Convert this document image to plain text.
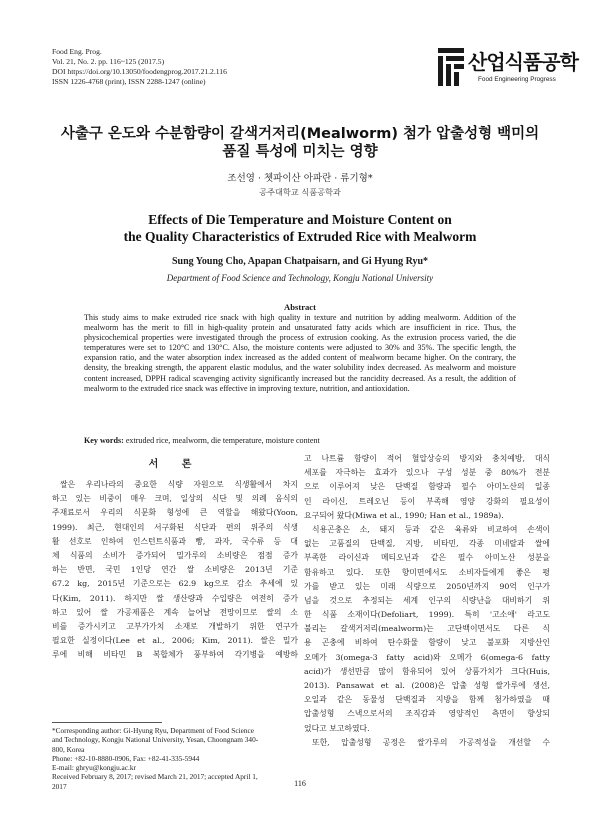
Food Eng. Prog.
Vol. 21, No. 2. pp. 116~125 (2017.5)
DOI https://doi.org/10.13050/foodengprog.2017.21.2.116
ISSN 1226-4768 (print), ISSN 2288-1247 (online)
산업식품공학
Food Engineering Progress
사출구 온도와 수분함량이 갈색거저리(Mealworm) 첨가 압출성형 백미의
품질 특성에 미치는 영향
조선영 · 쳇파이산 아파란 · 류기형*
공주대학교 식품공학과
Effects of Die Temperature and Moisture Content on
the Quality Characteristics of Extruded Rice with Mealworm
Sung Young Cho, Apapan Chatpaisarn, and Gi Hyung Ryu*
Department of Food Science and Technology, Kongju National University
Abstract
This study aims to make extruded rice snack with high quality in texture and nutrition by adding mealworm. Addition of the mealworm has the merit to fill in high-quality protein and unsaturated fatty acids which are insufficient in rice. Thus, the physicochemical properties were investigated through the process of extrusion cooking. As the extrusion process varied, the die temperatures were set to 120°C and 130°C. Also, the moisture contents were adjusted to 30% and 35%. The specific length, the expansion ratio, and the water absorption index increased as the added content of mealworm became higher. On the contrary, the density, the breaking strength, the apparent elastic modulus, and the water solubility index decreased. As mealworm and moisture content increased, DPPH radical scavenging activity significantly increased but the rancidity decreased. As a result, the addition of mealworm to the extruded rice snack was effective in improving texture, nutrition, and antioxidation.
Key words: extruded rice, mealworm, die temperature, moisture content
서 론
쌀은 우리나라의 중요한 식량 자원으로 식생활에서 차지
하고 있는 비중이 매우 크며, 일상의 식단 및 의례 음식의
주재료로서 우리의 식문화 형성에 큰 역할을 해왔다(Yoon,
1999). 최근, 현대인의 서구화된 식단과 편의 위주의 식생
활 선호로 인하여 인스턴트식품과 빵, 과자, 국수류 등 대
체 식품의 소비가 증가되어 밀가루의 소비량은 점점 증가
하는 반면, 국민 1인당 연간 쌀 소비량은 2013년 기준
67.2 kg, 2015년 기준으로는 62.9 kg으로 감소 추세에 있
다(Kim, 2011). 하지만 쌀 생산량과 수입량은 여전히 증가
하고 있어 쌀 가공제품은 계속 늘어날 전망이므로 쌀의 소
비를 증가시키고 고부가가치 소재로 개발하기 위한 연구가
필요한 실정이다(Lee et al., 2006; Kim, 2011). 쌀은 밀가
루에 비해 비타민 B 복합체가 풍부하여 각기병을 예방하
고 나트륨 함량이 적어 혈압상승의 방지와 충치예방, 대식
세포를 자극하는 효과가 있으나 구성 성분 중 80%가 전분
으로 이루어져 낮은 단백질 함량과 필수 아미노산의 일종
인 라이신, 트레오닌 등이 부족해 영양 강화의 필요성이
요구되어 왔다(Miwa et al., 1990; Han et al., 1989a).
식용곤충은 소, 돼지 등과 같은 육류와 비교하여 손색이
없는 고품질의 단백질, 지방, 비타민, 각종 미네랄과 쌀에
부족한 라이신과 메티오닌과 같은 필수 아미노산 성분을
함유하고 있다. 또한 향미면에서도 소비자들에게 좋은 평
가를 받고 있는 미래 식량으로 2050년까지 90억 인구가
넘을 것으로 추정되는 세계 인구의 식량난을 대비하기 위
한 식품 소재이다(Defoliart, 1999). 특히 '고소애' 라고도
불리는 갈색거저리(mealworm)는 고단백이면서도 다른 식
용 곤충에 비하여 탄수화물 함량이 낮고 불포화 지방산인
오메가 3(omega-3 fatty acid)와 오메가 6(omega-6 fatty
acid)가 생선만큼 많이 함유되어 있어 상품가치가 크다(Huis,
2013). Pansawat et al. (2008)은 압출 성형 쌀가루에 생선,
오일과 같은 동물성 단백질과 지방을 함께 첨가하였을 때
압출성형 스낵으로서의 조직감과 영양적인 측면이 향상되
었다고 보고하였다.
또한, 압출성형 공정은 쌀가루의 가공적성을 개선할 수
*Corresponding author: Gi-Hyung Ryu, Department of Food Science
and Technology, Kongju National University, Yesan, Choongnam 340-
800, Korea
Phone: +82-10-8880-0906, Fax: +82-41-335-5944
E-mail: ghryu@kongju.ac.kr
Received February 8, 2017; revised March 21, 2017; accepted April 1,
2017	116
